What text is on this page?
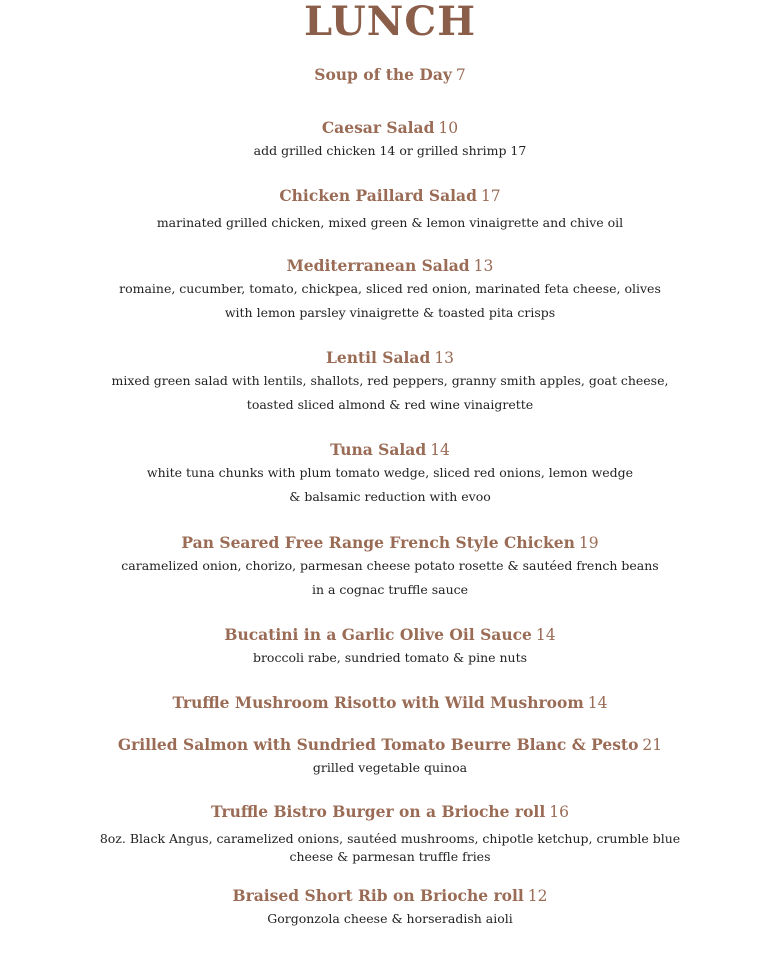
LUNCH
Soup of the Day 7
Caesar Salad 10
add grilled chicken 14 or grilled shrimp 17
Chicken Paillard Salad 17
marinated grilled chicken, mixed green & lemon vinaigrette and chive oil
Mediterranean Salad 13
romaine, cucumber, tomato, chickpea, sliced red onion, marinated feta cheese, olives
with lemon parsley vinaigrette & toasted pita crisps
Lentil Salad 13
mixed green salad with lentils, shallots, red peppers, granny smith apples, goat cheese,
toasted sliced almond & red wine vinaigrette
Tuna Salad 14
white tuna chunks with plum tomato wedge, sliced red onions, lemon wedge
& balsamic reduction with evoo
Pan Seared Free Range French Style Chicken 19
caramelized onion, chorizo, parmesan cheese potato rosette & sautéed french beans
in a cognac truffle sauce
Bucatini in a Garlic Olive Oil Sauce 14
broccoli rabe, sundried tomato & pine nuts
Truffle Mushroom Risotto with Wild Mushroom 14
Grilled Salmon with Sundried Tomato Beurre Blanc & Pesto 21
grilled vegetable quinoa
Truffle Bistro Burger on a Brioche roll 16
8oz. Black Angus, caramelized onions, sautéed mushrooms, chipotle ketchup, crumble blue
cheese & parmesan truffle fries
Braised Short Rib on Brioche roll 12
Gorgonzola cheese & horseradish aioli
